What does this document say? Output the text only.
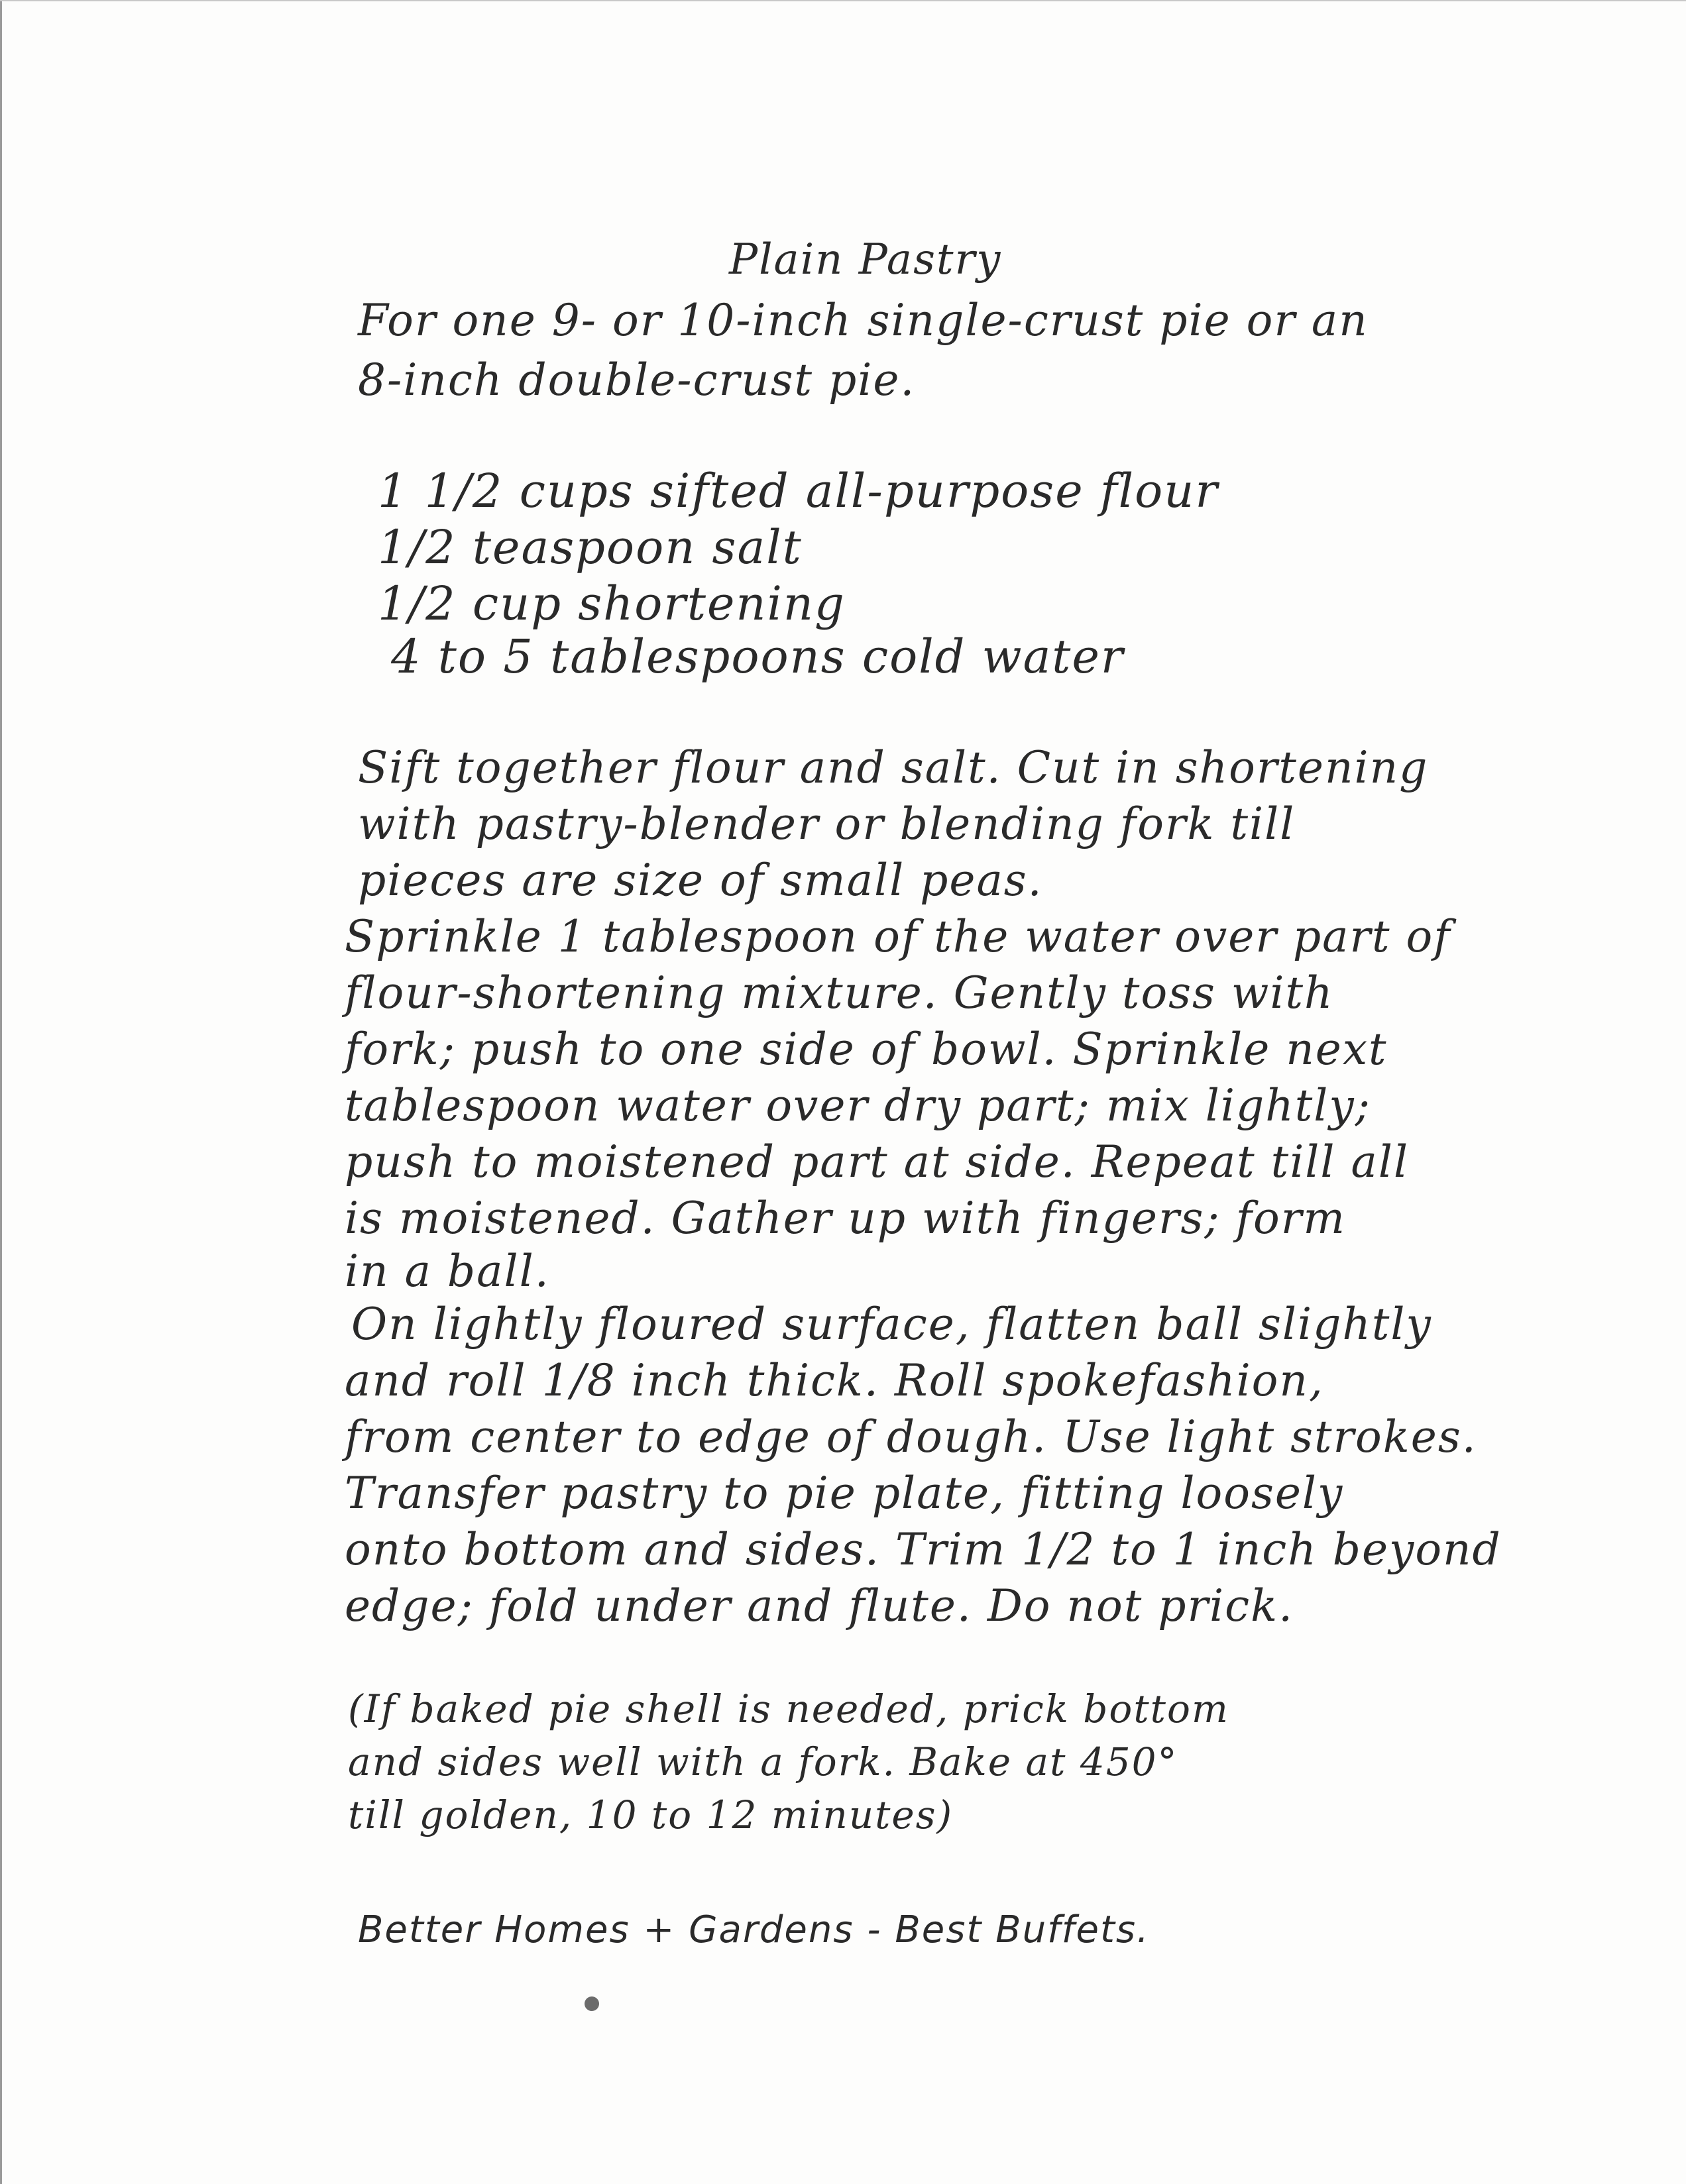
Plain Pastry
For one 9- or 10-inch single-crust pie or an
8-inch double-crust pie.
1 1/2 cups sifted all-purpose flour
1/2 teaspoon salt
1/2 cup shortening
4 to 5 tablespoons cold water
Sift together flour and salt. Cut in shortening
with pastry-blender or blending fork till
pieces are size of small peas.
Sprinkle 1 tablespoon of the water over part of
flour-shortening mixture. Gently toss with
fork; push to one side of bowl. Sprinkle next
tablespoon water over dry part; mix lightly;
push to moistened part at side. Repeat till all
is moistened. Gather up with fingers; form
in a ball.
On lightly floured surface, flatten ball slightly
and roll 1/8 inch thick. Roll spokefashion,
from center to edge of dough. Use light strokes.
Transfer pastry to pie plate, fitting loosely
onto bottom and sides. Trim 1/2 to 1 inch beyond
edge; fold under and flute. Do not prick.
(If baked pie shell is needed, prick bottom
and sides well with a fork. Bake at 450°
till golden, 10 to 12 minutes)
Better Homes + Gardens - Best Buffets.
